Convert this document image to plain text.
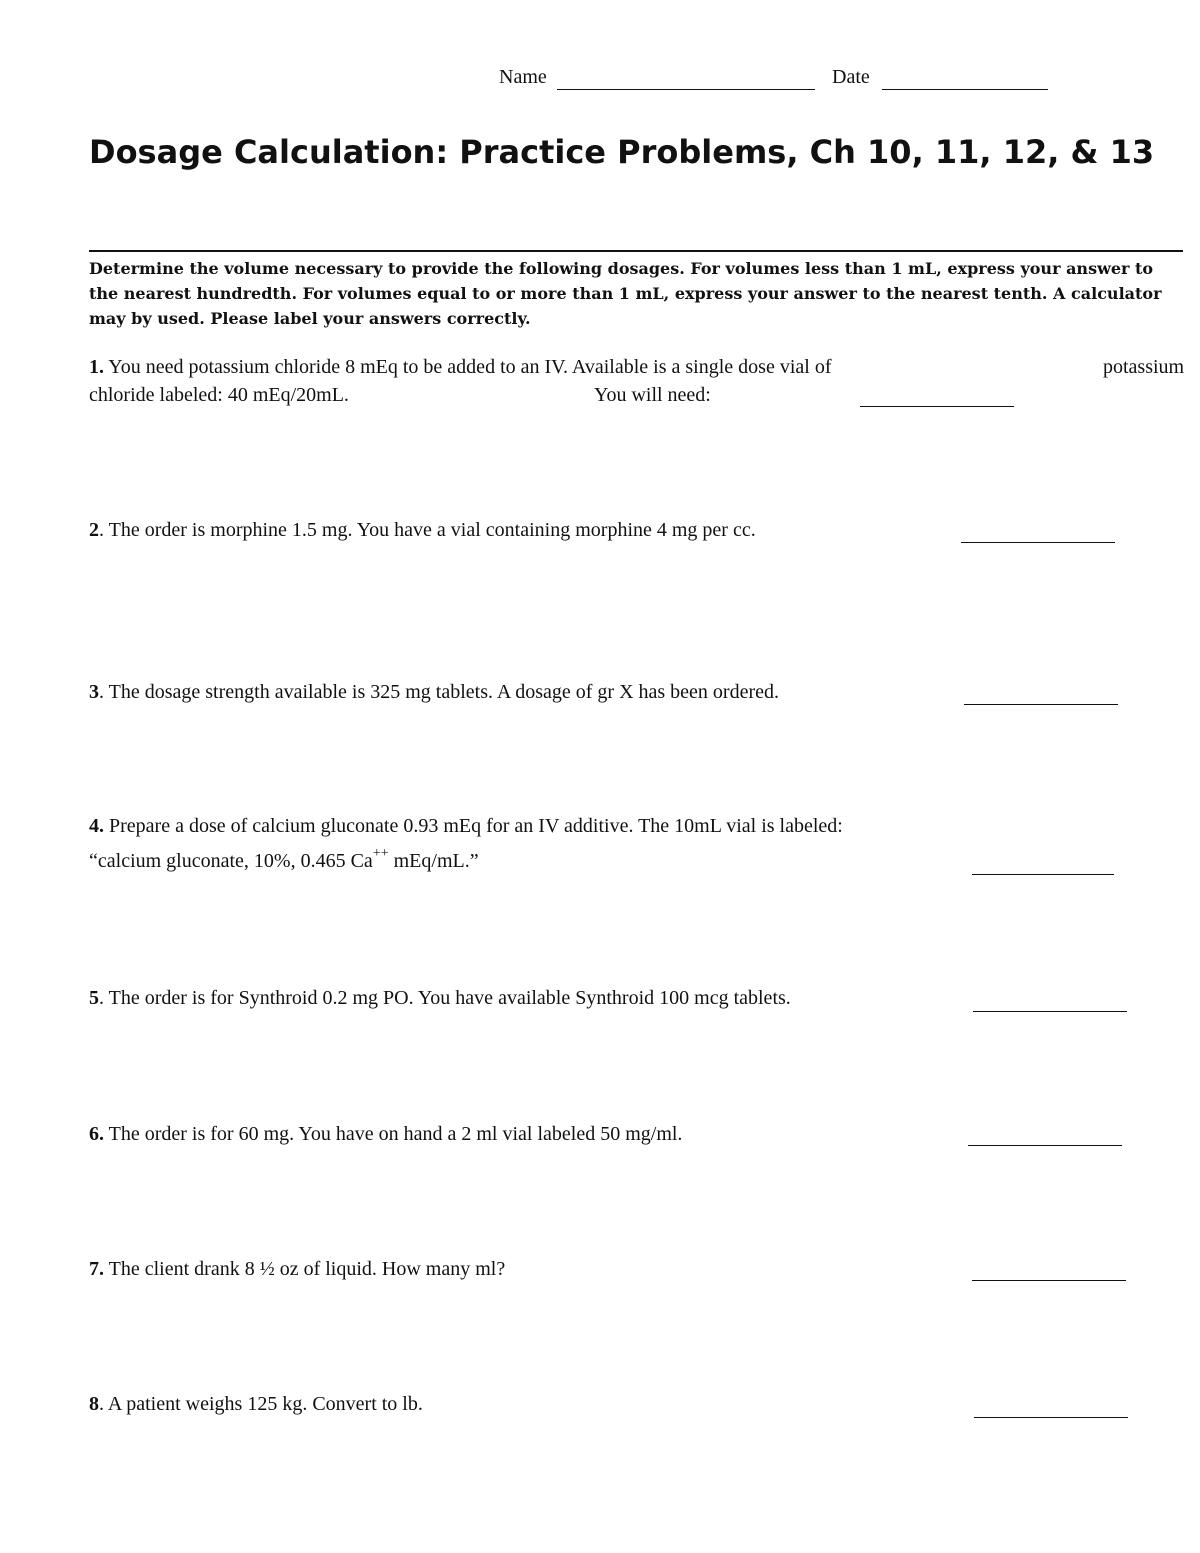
Name	Date
Dosage Calculation: Practice Problems, Ch 10, 11, 12, & 13
Determine the volume necessary to provide the following dosages. For volumes less than 1 mL, express your answer to the nearest hundredth. For volumes equal to or more than 1 mL, express your answer to the nearest tenth. A calculator may by used. Please label your answers correctly.
1. You need potassium chloride 8 mEq to be added to an IV. Available is a single dose vial of	potassium
chloride labeled: 40 mEq/20mL.	You will need:
2. The order is morphine 1.5 mg. You have a vial containing morphine 4 mg per cc.
3. The dosage strength available is 325 mg tablets. A dosage of gr X has been ordered.
4. Prepare a dose of calcium gluconate 0.93 mEq for an IV additive. The 10mL vial is labeled:
“calcium gluconate, 10%, 0.465 Ca++ mEq/mL.”
5. The order is for Synthroid 0.2 mg PO. You have available Synthroid 100 mcg tablets.
6. The order is for 60 mg. You have on hand a 2 ml vial labeled 50 mg/ml.
7. The client drank 8 ½ oz of liquid. How many ml?
8. A patient weighs 125 kg. Convert to lb.
